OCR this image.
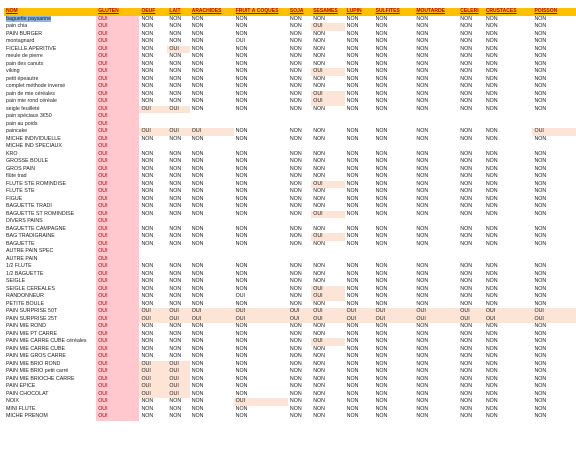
NOM	GLUTEN	OEUF	LAIT	ARACHIDES	FRUIT À COQUES	SOJA	SESAMES	LUPIN	SULFITES	MOUTARDE	CELERI	CRUSTACES	POISSON
baguette paysanne	OUI	NON	NON	NON	NON	NON	NON	NON	NON	NON	NON	NON	NON
pain chia	OUI	NON	NON	NON	NON	NON	OUI	NON	NON	NON	NON	NON	NON
PAIN BURGER	OUI	NON	NON	NON	NON	NON	NON	NON	NON	NON	NON	NON	NON
montagnard	OUI	NON	NON	NON	OUI	NON	NON	NON	NON	NON	NON	NON	NON
FICELLE APERITIVE	OUI	NON	OUI	NON	NON	NON	NON	NON	NON	NON	NON	NON	NON
meule de pierre	OUI	NON	NON	NON	NON	NON	NON	NON	NON	NON	NON	NON	NON
pain des canuts	OUI	NON	NON	NON	NON	NON	NON	NON	NON	NON	NON	NON	NON
viking	OUI	NON	NON	NON	NON	NON	OUI	NON	NON	NON	NON	NON	NON
petit épeautre	OUI	NON	NON	NON	NON	NON	NON	NON	NON	NON	NON	NON	NON
complet méthode inversé	OUI	NON	NON	NON	NON	NON	NON	NON	NON	NON	NON	NON	NON
pain de mie céréales	OUI	NON	NON	NON	NON	NON	OUI	NON	NON	NON	NON	NON	NON
pain mie rond céréale	OUI	NON	NON	NON	NON	NON	OUI	NON	NON	NON	NON	NON	NON
seigle feuilleté	OUI	OUI	OUI	NON	NON	NON	NON	NON	NON	NON	NON	NON	NON
pain spéciaux 3€50	OUI												
pain au poids	OUI												
paincake	OUI	OUI	OUI	OUI	NON	NON	NON	NON	NON	NON	NON	NON	OUI
MICHE INDIVIDUELLE	OUI	NON	NON	NON	NON	NON	NON	NON	NON	NON	NON	NON	NON
MICHE IND SPECIAUX	OUI												
KRO	OUI	NON	NON	NON	NON	NON	NON	NON	NON	NON	NON	NON	NON
GROSSE BOULE	OUI	NON	NON	NON	NON	NON	NON	NON	NON	NON	NON	NON	NON
GROS PAIN	OUI	NON	NON	NON	NON	NON	NON	NON	NON	NON	NON	NON	NON
flûte trad	OUI	NON	NON	NON	NON	NON	NON	NON	NON	NON	NON	NON	NON
FLUTE STE ROMINDISE	OUI	NON	NON	NON	NON	NON	OUI	NON	NON	NON	NON	NON	NON
FLUTE STE	OUI	NON	NON	NON	NON	NON	NON	NON	NON	NON	NON	NON	NON
FIGUE	OUI	NON	NON	NON	NON	NON	NON	NON	NON	NON	NON	NON	NON
BAGUETTE TRADI	OUI	NON	NON	NON	NON	NON	NON	NON	NON	NON	NON	NON	NON
BAGUETTE ST ROMINDISE	OUI	NON	NON	NON	NON	NON	OUI	NON	NON	NON	NON	NON	NON
DIVERS PAINS	OUI												
BAGUETTE CAMPAGNE	OUI	NON	NON	NON	NON	NON	NON	NON	NON	NON	NON	NON	NON
BAG TRADIGRAINE	OUI	NON	NON	NON	NON	NON	OUI	NON	NON	NON	NON	NON	NON
BAGUETTE	OUI	NON	NON	NON	NON	NON	NON	NON	NON	NON	NON	NON	NON
AUTRE PAIN SPEC	OUI												
AUTRE PAIN	OUI												
1/2 FLUTE	OUI	NON	NON	NON	NON	NON	NON	NON	NON	NON	NON	NON	NON
1/2 BAGUETTE	OUI	NON	NON	NON	NON	NON	NON	NON	NON	NON	NON	NON	NON
SEIGLE	OUI	NON	NON	NON	NON	NON	NON	NON	NON	NON	NON	NON	NON
SEIGLE CEREALES	OUI	NON	NON	NON	NON	NON	OUI	NON	NON	NON	NON	NON	NON
RANDONNEUR	OUI	NON	NON	NON	OUI	NON	OUI	NON	NON	NON	NON	NON	NON
PETITE BOULE	OUI	NON	NON	NON	NON	NON	NON	NON	NON	NON	NON	NON	NON
PAIN SURPRISE 50T	OUI	OUI	OUI	OUI	OUI	OUI	OUI	OUI	OUI	OUI	OUI	OUI	OUI
PAIN SURPRISE 25T	OUI	OUI	OUI	OUI	OUI	OUI	OUI	OUI	OUI	OUI	OUI	OUI	OUI
PAIN MIE ROND	OUI	NON	NON	NON	NON	NON	NON	NON	NON	NON	NON	NON	NON
PAIN MIE PT CARRE	OUI	NON	NON	NON	NON	NON	NON	NON	NON	NON	NON	NON	NON
PAIN MIE CARRE CUBE céréales	OUI	NON	NON	NON	NON	NON	OUI	NON	NON	NON	NON	NON	NON
PAIN MIE CARRE CUBE	OUI	NON	NON	NON	NON	NON	NON	NON	NON	NON	NON	NON	NON
PAIN MIE GROS CARRE	OUI	NON	NON	NON	NON	NON	NON	NON	NON	NON	NON	NON	NON
PAIN MIE BRIO ROND	OUI	OUI	OUI	NON	NON	NON	NON	NON	NON	NON	NON	NON	NON
PAIN MIE BRIO petit carré	OUI	OUI	OUI	NON	NON	NON	NON	NON	NON	NON	NON	NON	NON
PAIN MIE BRIOCHE CARRE	OUI	OUI	OUI	NON	NON	NON	NON	NON	NON	NON	NON	NON	NON
PAIN EPICE	OUI	OUI	OUI	NON	NON	NON	NON	NON	NON	NON	NON	NON	NON
PAIN CHOCOLAT	OUI	OUI	OUI	NON	NON	NON	NON	NON	NON	NON	NON	NON	NON
NOIX	OUI	NON	NON	NON	OUI	NON	NON	NON	NON	NON	NON	NON	NON
MINI FLUTE	OUI	NON	NON	NON	NON	NON	NON	NON	NON	NON	NON	NON	NON
MICHE PRENOM	OUI	NON	NON	NON	NON	NON	NON	NON	NON	NON	NON	NON	NON
